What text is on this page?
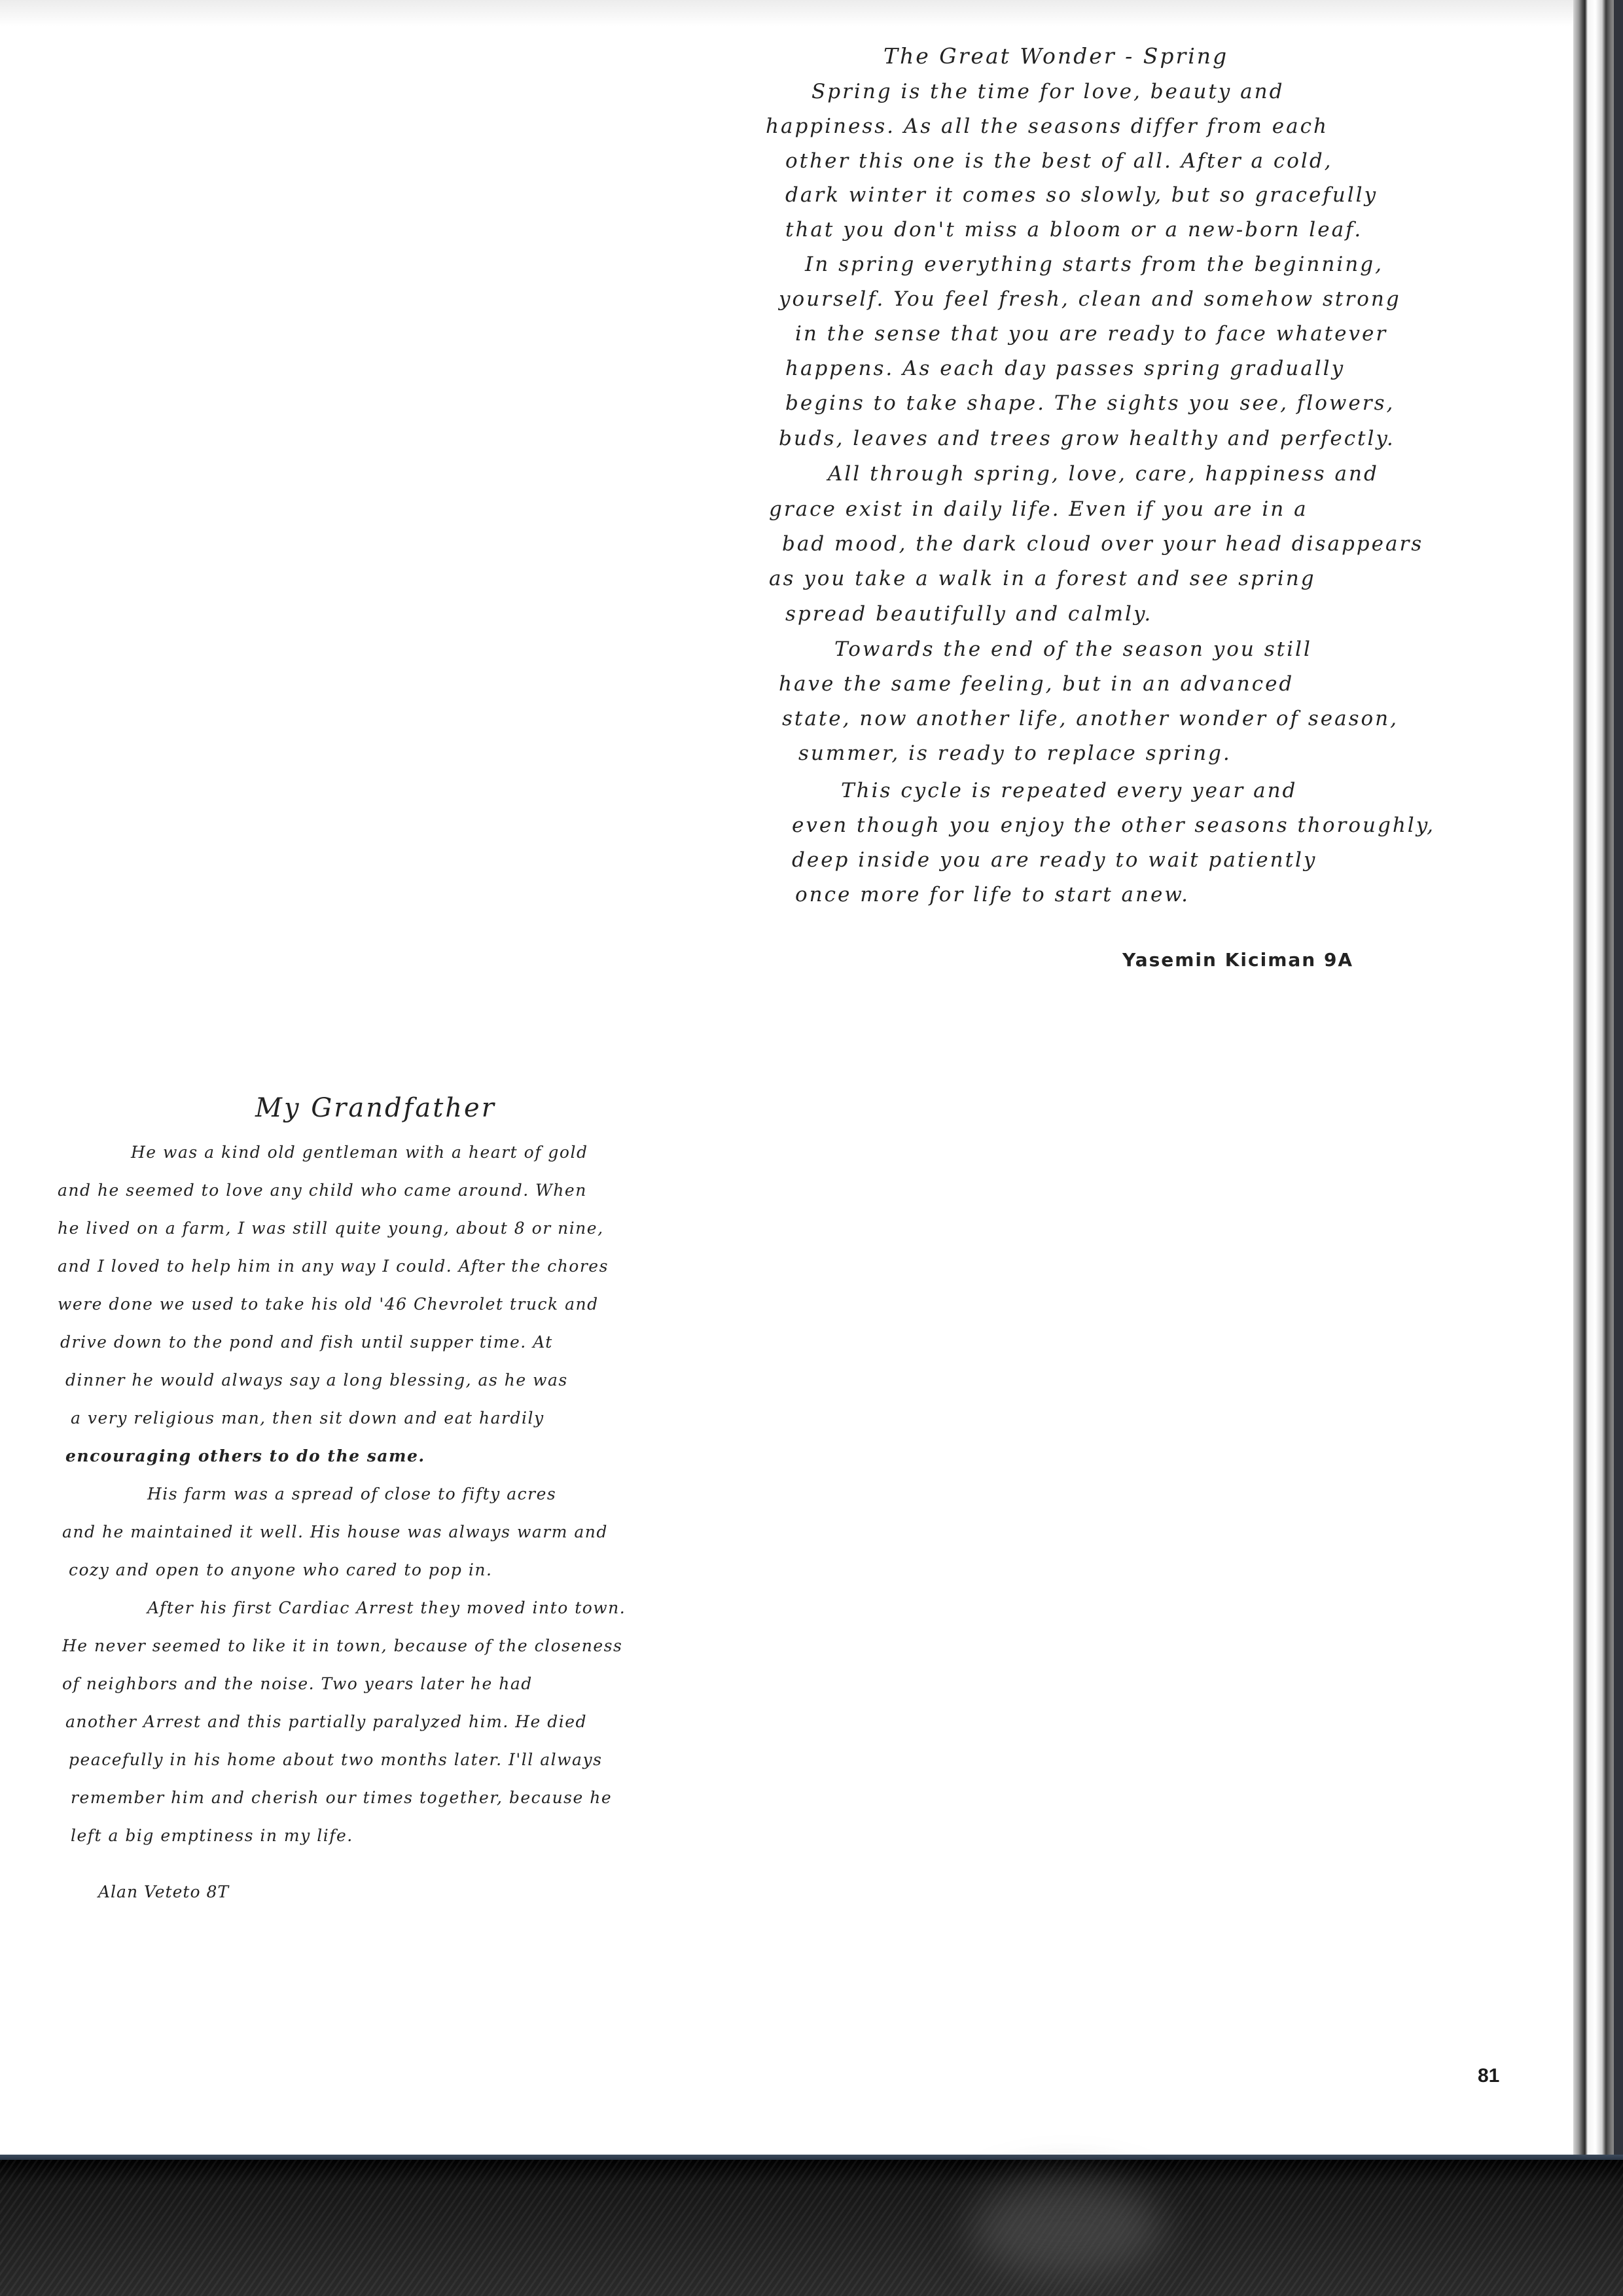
The Great Wonder - Spring

Spring is the time for love, beauty and

happiness. As all the seasons differ from each

other this one is the best of all. After a cold,

dark winter it comes so slowly, but so gracefully

that you don't miss a bloom or a new-born leaf.

In spring everything starts from the beginning,

yourself. You feel fresh, clean and somehow strong

in the sense that you are ready to face whatever

happens. As each day passes spring gradually

begins to take shape. The sights you see, flowers,

buds, leaves and trees grow healthy and perfectly.

All through spring, love, care, happiness and

grace exist in daily life. Even if you are in a

bad mood, the dark cloud over your head disappears

as you take a walk in a forest and see spring

spread beautifully and calmly.

Towards the end of the season you still

have the same feeling, but in an advanced

state, now another life, another wonder of season,

summer, is ready to replace spring.

This cycle is repeated every year and

even though you enjoy the other seasons thoroughly,

deep inside you are ready to wait patiently

once more for life to start anew.

Yasemin Kiciman 9A

My Grandfather

He was a kind old gentleman with a heart of gold

and he seemed to love any child who came around. When

he lived on a farm, I was still quite young, about 8 or nine,

and I loved to help him in any way I could. After the chores

were done we used to take his old '46 Chevrolet truck and

drive down to the pond and fish until supper time. At

dinner he would always say a long blessing, as he was

a very religious man, then sit down and eat hardily

encouraging others to do the same.

His farm was a spread of close to fifty acres

and he maintained it well. His house was always warm and

cozy and open to anyone who cared to pop in.

After his first Cardiac Arrest they moved into town.

He never seemed to like it in town, because of the closeness

of neighbors and the noise. Two years later he had

another Arrest and this partially paralyzed him. He died

peacefully in his home about two months later. I'll always

remember him and cherish our times together, because he

left a big emptiness in my life.

Alan Veteto 8T

81
